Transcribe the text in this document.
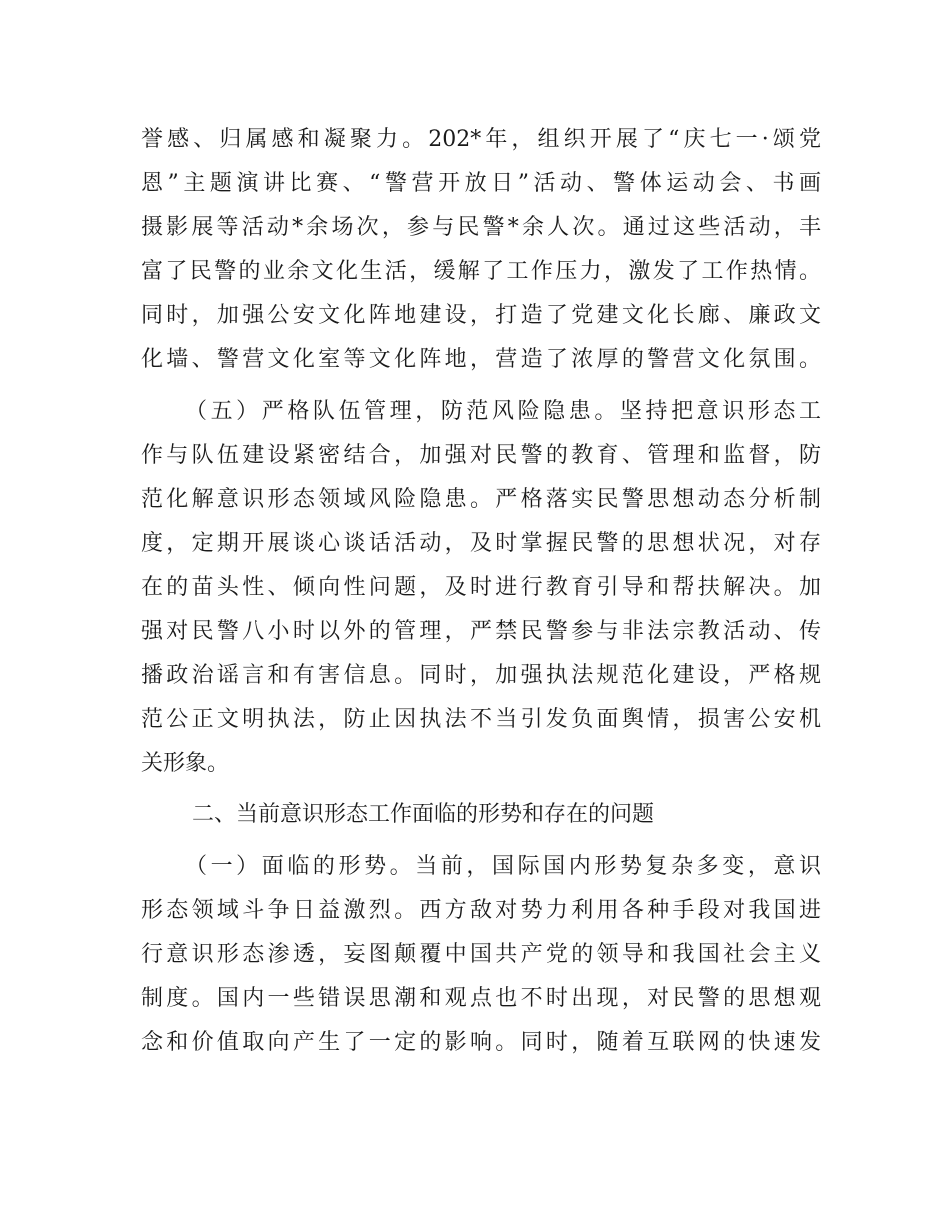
誉感、归属感和凝聚力。202*年，组织开展了“庆七一·颂党
恩”主题演讲比赛、“警营开放日”活动、警体运动会、书画
摄影展等活动*余场次，参与民警*余人次。通过这些活动，丰
富了民警的业余文化生活，缓解了工作压力，激发了工作热情。
同时，加强公安文化阵地建设，打造了党建文化长廊、廉政文
化墙、警营文化室等文化阵地，营造了浓厚的警营文化氛围。
（五）严格队伍管理，防范风险隐患。坚持把意识形态工
作与队伍建设紧密结合，加强对民警的教育、管理和监督，防
范化解意识形态领域风险隐患。严格落实民警思想动态分析制
度，定期开展谈心谈话活动，及时掌握民警的思想状况，对存
在的苗头性、倾向性问题，及时进行教育引导和帮扶解决。加
强对民警八小时以外的管理，严禁民警参与非法宗教活动、传
播政治谣言和有害信息。同时，加强执法规范化建设，严格规
范公正文明执法，防止因执法不当引发负面舆情，损害公安机
关形象。
二、当前意识形态工作面临的形势和存在的问题
（一）面临的形势。当前，国际国内形势复杂多变，意识
形态领域斗争日益激烈。西方敌对势力利用各种手段对我国进
行意识形态渗透，妄图颠覆中国共产党的领导和我国社会主义
制度。国内一些错误思潮和观点也不时出现，对民警的思想观
念和价值取向产生了一定的影响。同时，随着互联网的快速发
